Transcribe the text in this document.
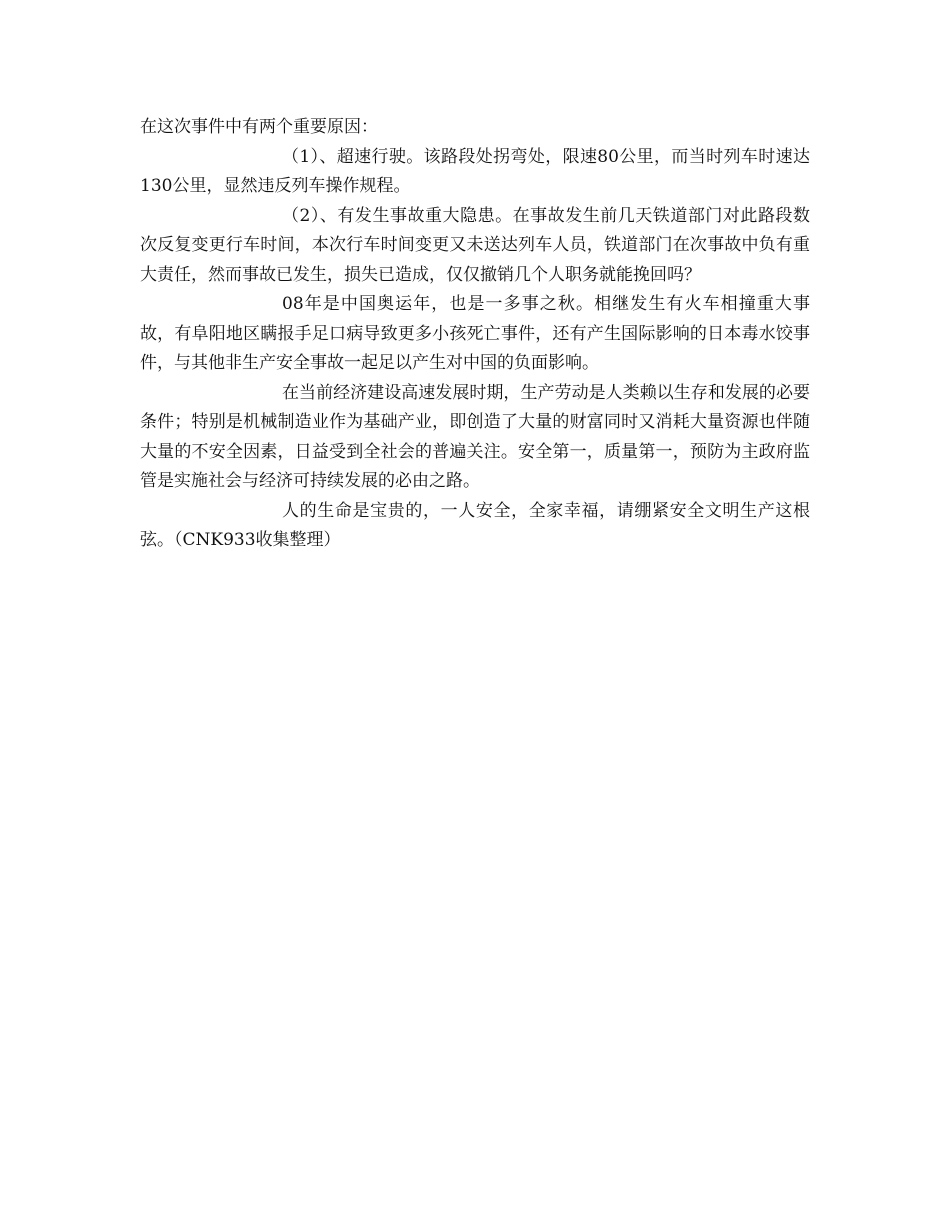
在这次事件中有两个重要原因：

（1）、超速行驶。该路段处拐弯处，限速80公里，而当时列车时速达130公里，显然违反列车操作规程。

（2）、有发生事故重大隐患。在事故发生前几天铁道部门对此路段数次反复变更行车时间，本次行车时间变更又未送达列车人员，铁道部门在次事故中负有重大责任，然而事故已发生，损失已造成，仅仅撤销几个人职务就能挽回吗？

08年是中国奥运年，也是一多事之秋。相继发生有火车相撞重大事故，有阜阳地区瞒报手足口病导致更多小孩死亡事件，还有产生国际影响的日本毒水饺事件，与其他非生产安全事故一起足以产生对中国的负面影响。

在当前经济建设高速发展时期，生产劳动是人类赖以生存和发展的必要条件；特别是机械制造业作为基础产业，即创造了大量的财富同时又消耗大量资源也伴随大量的不安全因素，日益受到全社会的普遍关注。安全第一，质量第一，预防为主政府监管是实施社会与经济可持续发展的必由之路。

人的生命是宝贵的，一人安全，全家幸福，请绷紧安全文明生产这根弦。（CNK933收集整理）
